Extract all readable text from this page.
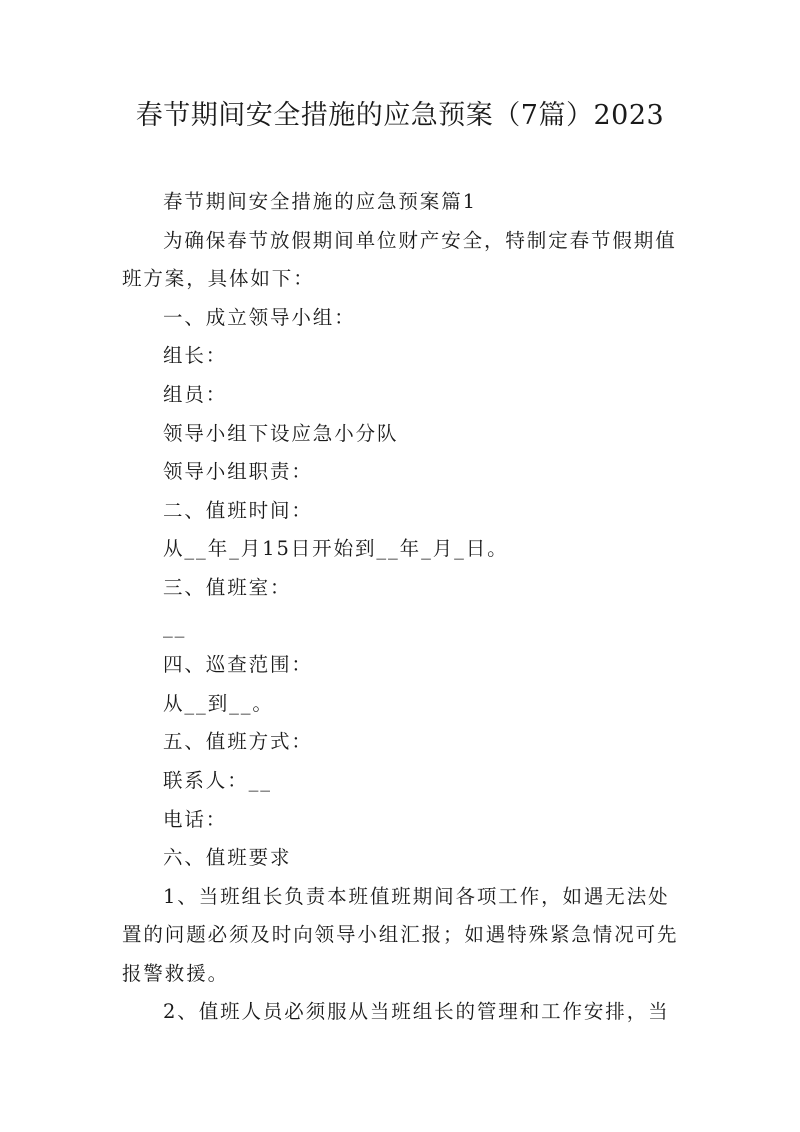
春节期间安全措施的应急预案（7篇）2023

春节期间安全措施的应急预案篇1

为确保春节放假期间单位财产安全，特制定春节假期值班方案，具体如下：

一、成立领导小组：

组长：

组员：

领导小组下设应急小分队

领导小组职责：

二、值班时间：

从__年_月15日开始到__年_月_日。

三、值班室：

__

四、巡查范围：

从__到__。

五、值班方式：

联系人：__

电话：

六、值班要求

1、当班组长负责本班值班期间各项工作，如遇无法处置的问题必须及时向领导小组汇报；如遇特殊紧急情况可先报警救援。

2、值班人员必须服从当班组长的管理和工作安排，当
